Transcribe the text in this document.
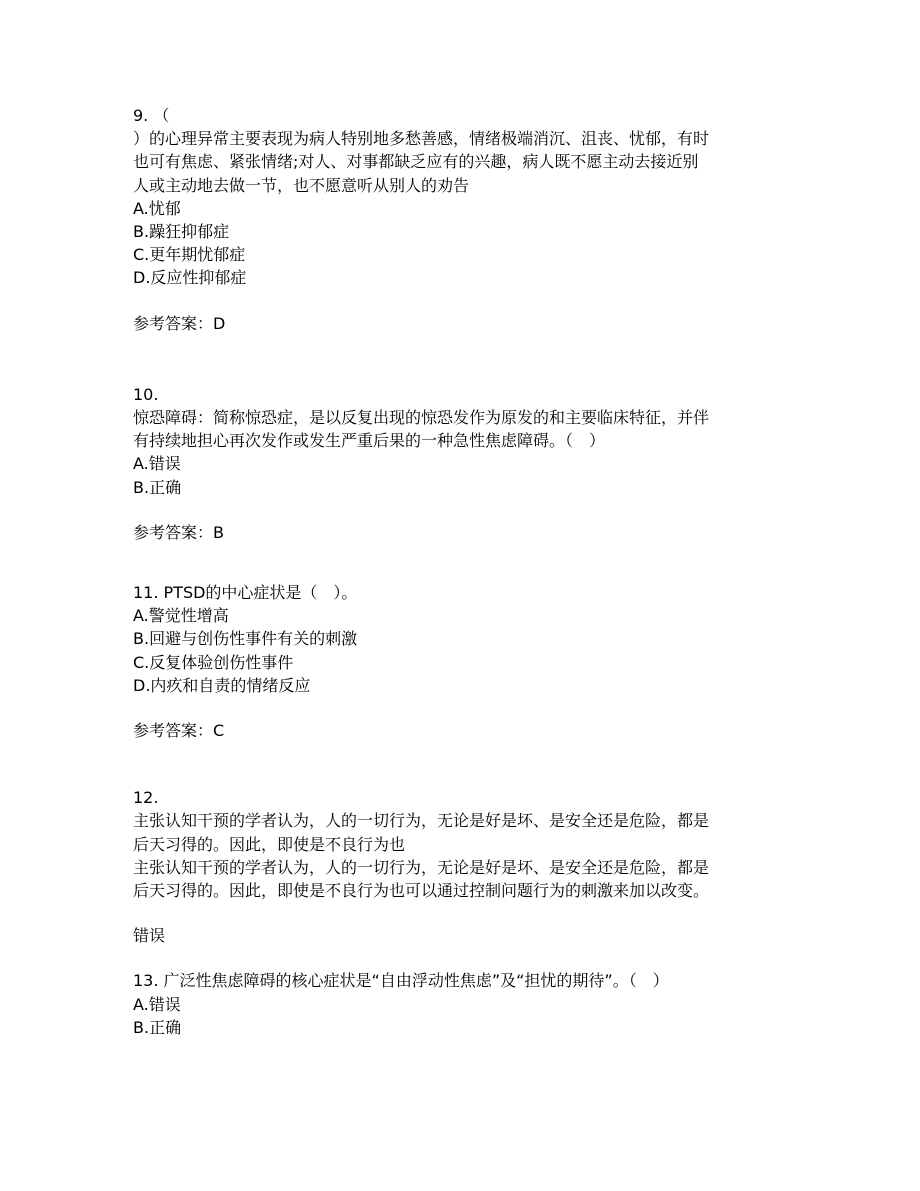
9. （

）的心理异常主要表现为病人特别地多愁善感，情绪极端消沉、沮丧、忧郁，有时

也可有焦虑、紧张情绪;对人、对事都缺乏应有的兴趣，病人既不愿主动去接近别

人或主动地去做一节，也不愿意听从别人的劝告

A.忧郁

B.躁狂抑郁症

C.更年期忧郁症

D.反应性抑郁症

参考答案：D

10.

惊恐障碍：简称惊恐症，是以反复出现的惊恐发作为原发的和主要临床特征，并伴

有持续地担心再次发作或发生严重后果的一种急性焦虑障碍。（　）

A.错误

B.正确

参考答案：B

11. PTSD的中心症状是（　）。

A.警觉性增高

B.回避与创伤性事件有关的刺激

C.反复体验创伤性事件

D.内疚和自责的情绪反应

参考答案：C

12.

主张认知干预的学者认为，人的一切行为，无论是好是坏、是安全还是危险，都是

后天习得的。因此，即使是不良行为也

主张认知干预的学者认为，人的一切行为，无论是好是坏、是安全还是危险，都是

后天习得的。因此，即使是不良行为也可以通过控制问题行为的刺激来加以改变。

错误

13. 广泛性焦虑障碍的核心症状是“自由浮动性焦虑”及“担忧的期待”。（　）

A.错误

B.正确
